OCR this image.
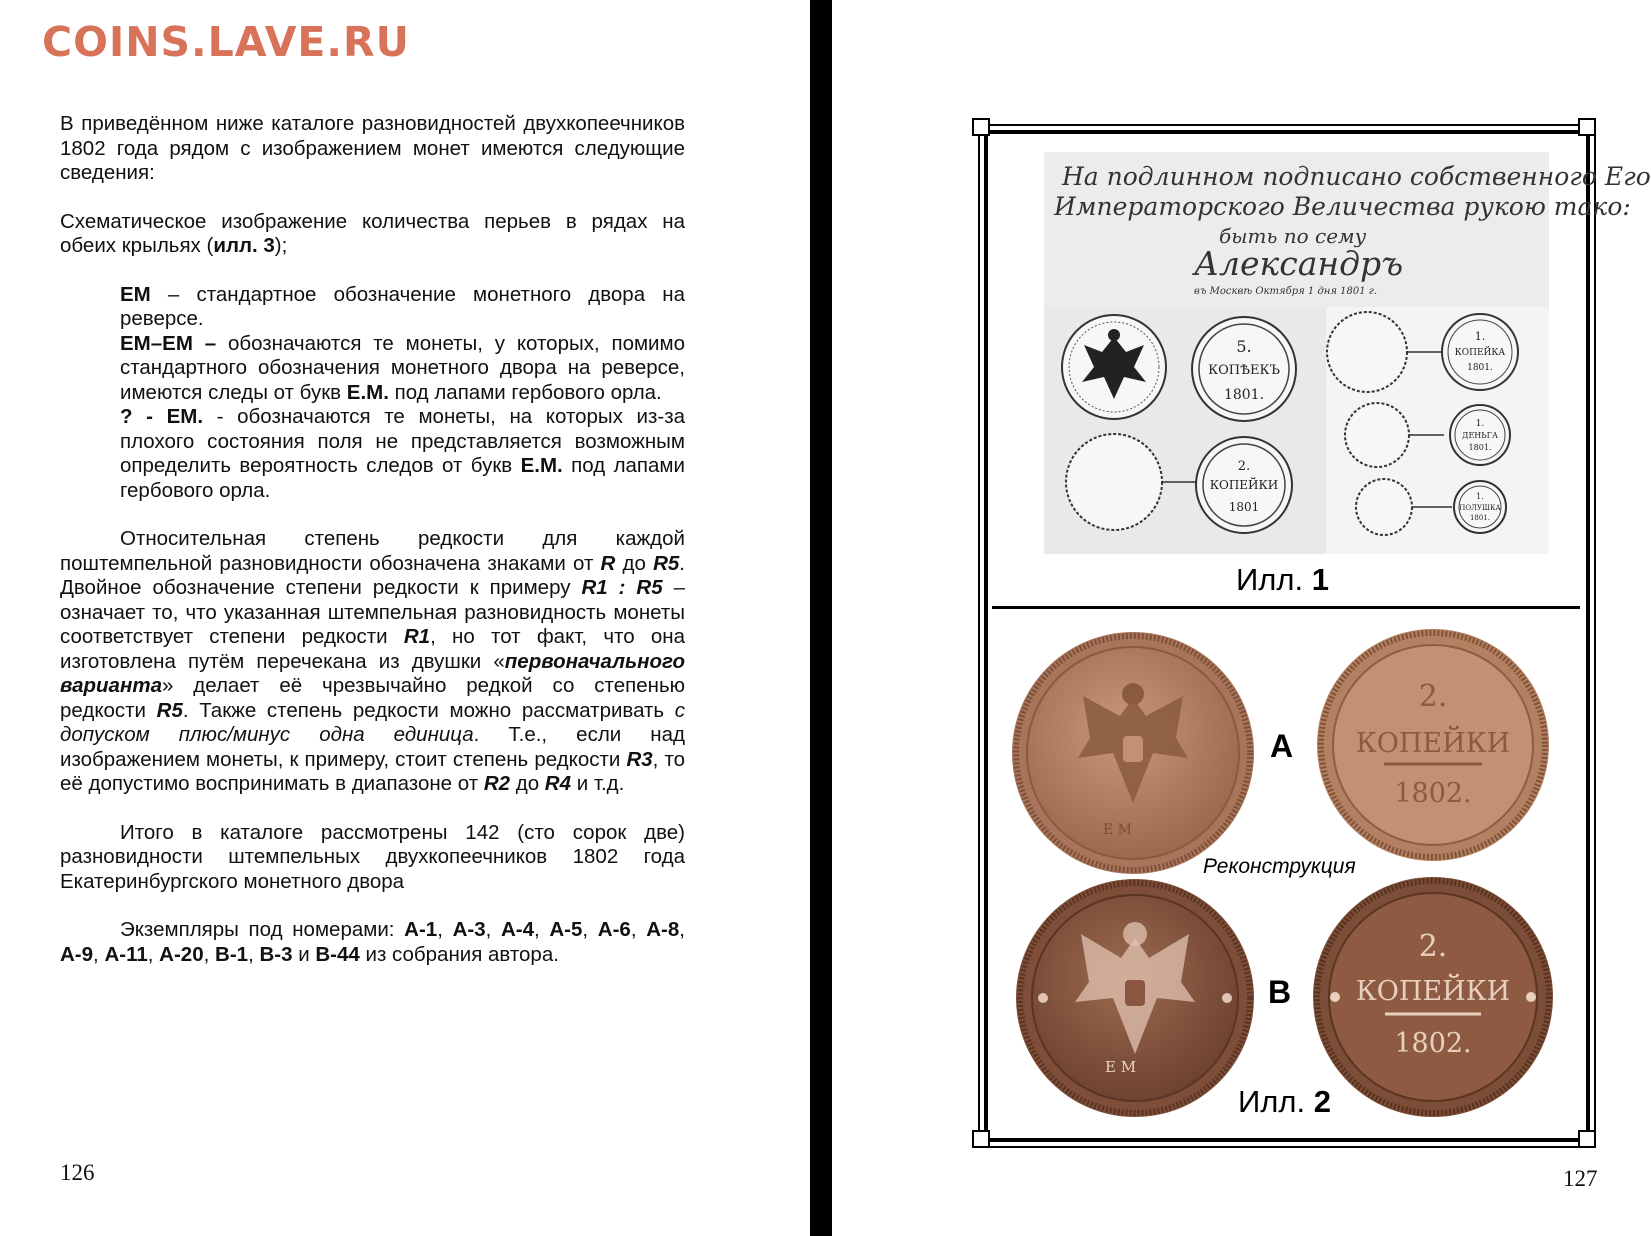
COINS.LAVE.RU

В приведённом ниже каталоге разновидностей двухкопеечников 1802 года рядом с изображением монет имеются следующие сведения:

Схематическое изображение количества перьев в рядах на обеих крыльях (илл. 3);

ЕМ – стандартное обозначение монетного двора на реверсе.

ЕМ–ЕМ – обозначаются те монеты, у которых, помимо стандартного обозначения монетного двора на реверсе, имеются следы от букв Е.М. под лапами гербового орла.

? - ЕМ. - обозначаются те монеты, на которых из-за плохого состояния поля не представляется возможным определить вероятность следов от букв Е.М. под лапами гербового орла.

Относительная степень редкости для каждой поштемпельной разновидности обозначена знаками от R до R5. Двойное обозначение степени редкости к примеру R1 : R5 – означает то, что указанная штемпельная разновидность монеты соответствует степени редкости R1, но тот факт, что она изготовлена путём перечекана из двушки «первоначального варианта» делает её чрезвычайно редкой со степенью редкости R5. Также степень редкости можно рассматривать с допуском плюс/минус одна единица. Т.е., если над изображением монеты, к примеру, стоит степень редкости R3, то её допустимо воспринимать в диапазоне от R2 до R4 и т.д.

Итого в каталоге рассмотрены 142 (сто сорок две) разновидности штемпельных двухкопеечников 1802 года Екатеринбургского монетного двора

Экземпляры под номерами: А-1, А-3, А-4, А-5, А-6, А-8, А-9, А-11, А-20, В-1, В-3 и В-44 из собрания автора.

126
На подлинном подписано собственного Его
Императорского Величества рукою тако:
быть по сему
Александръ
въ Москвѣ Октября 1 дня 1801 г.
5.
КОПѢЕКЪ
1801.
2.
КОПЕЙКИ
1801
1.
КОПЕЙКА
1801.
1.
ДЕНЬГА
1801.
1.
ПОЛУШКА
1801.
Илл. 1
Е М
2.
КОПЕЙКИ
1802.
А
Реконструкция
Е М
2.
КОПЕЙКИ
1802.
В
Илл. 2
127
